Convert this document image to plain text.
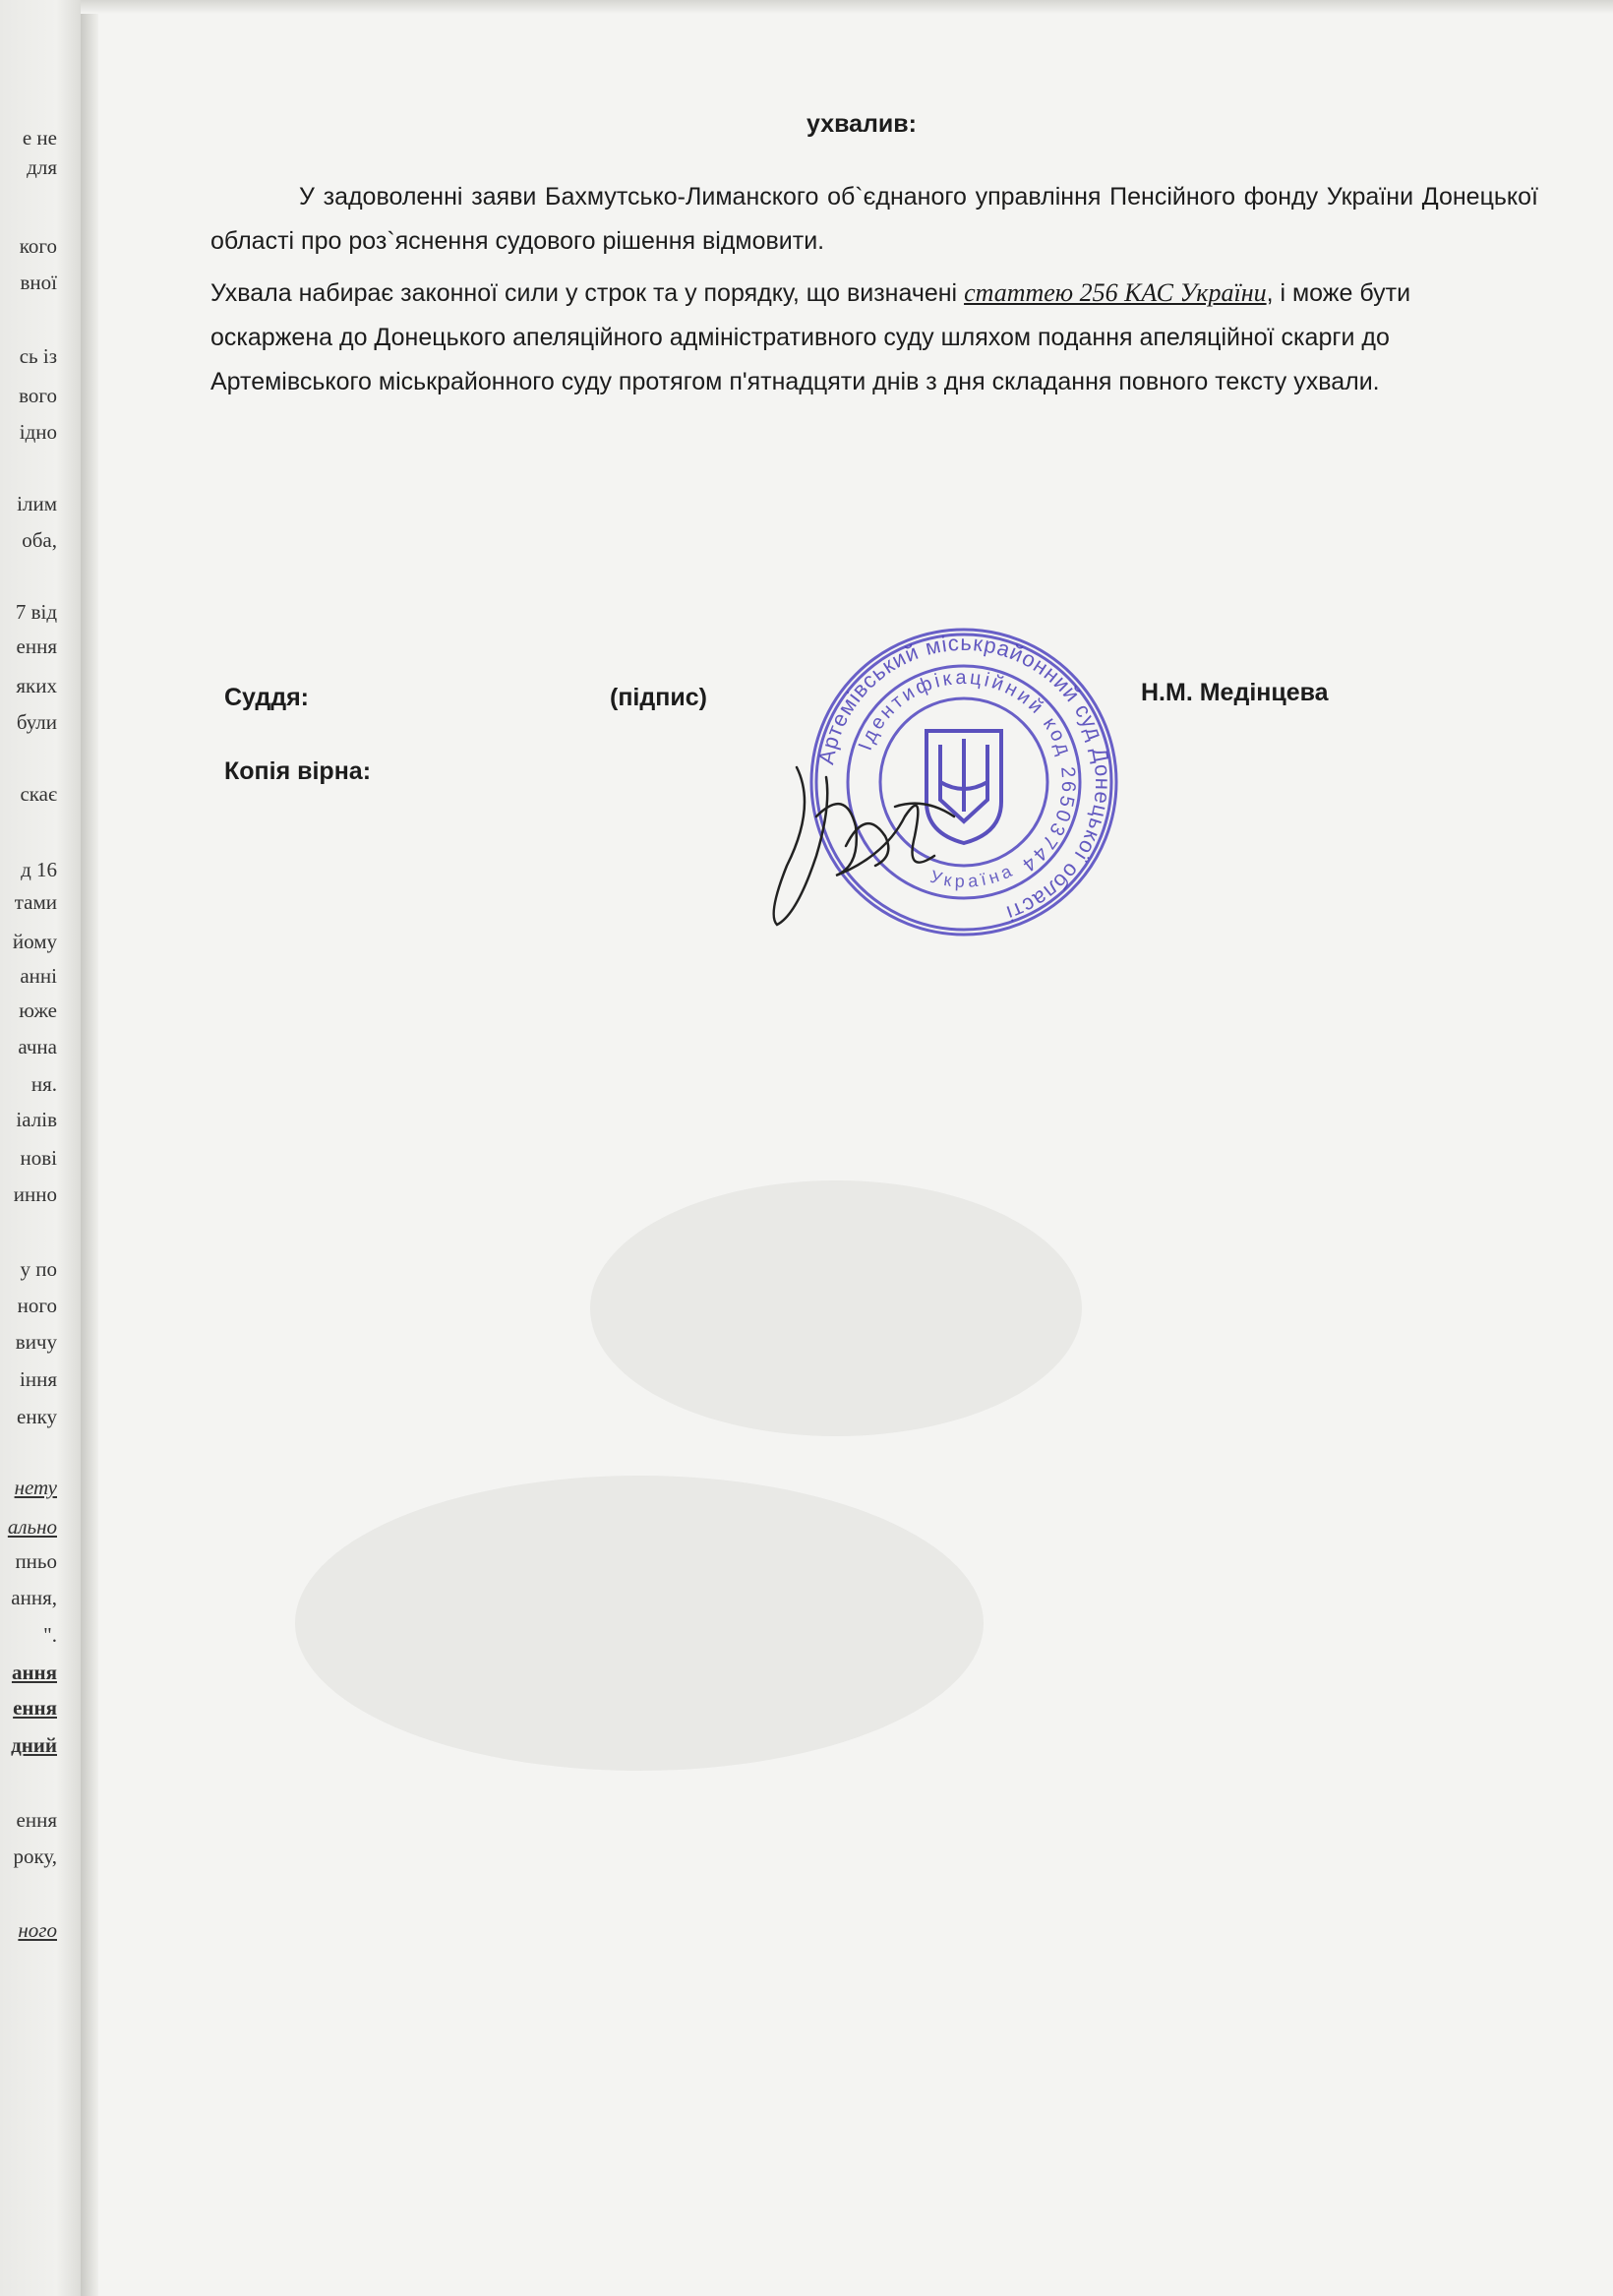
е не
для
кого
вної
сь із
вого
ідно
ілим
оба,
7 від
ення
яких
були
скає
д 16
тами
йому
анні
юже
ачна
ня.
іалів
нові
инно
у по
ного
вичу
іння
енку
нету
ально
пньо
ання,
".
ання
ення
дний
ення
року,
ного
ухвалив:
У задоволенні заяви Бахмутсько-Лиманского об`єднаного управління Пенсійного фонду України Донецької області про роз`яснення судового рішення відмовити.
Ухвала набирає законної сили у строк та у порядку, що визначені статтею 256 КАС України, і може бути оскаржена до Донецького апеляційного адміністративного суду шляхом подання апеляційної скарги до Артемівського міськрайонного суду протягом п'ятнадцяти днів з дня складання повного тексту ухвали.
Суддя:	(підпис)	Н.М. Медінцева
Копія вірна:
Артемівський міськрайонний суд Донецької області
Ідентифікаційний код 26503744
Україна
